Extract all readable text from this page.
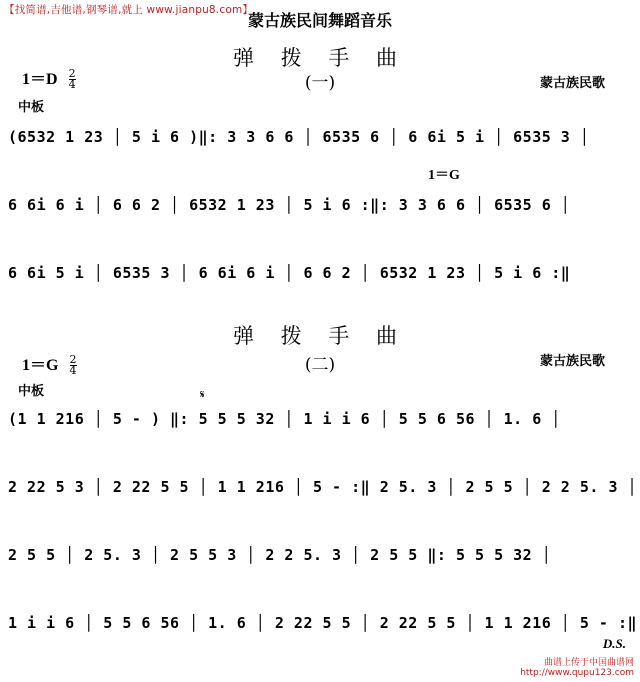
【找简谱,吉他谱,钢琴谱,就上 www.jianpu8.com】
蒙古族民间舞蹈音乐
弹 拨 手 曲
(一)
$1=D \frac{2}{4}$
中板
蒙古族民歌
(6532 1 23 │ 5 i 6 )‖: 3 3 6 6 │ 6535 6 │ 6 6i 5 i │ 6535 3 │
1＝G
6 6i 6 i │ 6 6 2 │ 6532 1 23 │ 5 i 6 :‖: 3 3 6 6 │ 6535 6 │
6 6i 5 i │ 6535 3 │ 6 6i 6 i │ 6 6 2 │ 6532 1 23 │ 5 i 6 :‖
弹 拨 手 曲
(二)
$1=G \frac{2}{4}$
中板
蒙古族民歌
𝄋
(1 1 216 │ 5 - ) ‖: 5 5 5 32 │ 1 i i 6 │ 5 5 6 56 │ 1. 6 │
2 22 5 3 │ 2 22 5 5 │ 1 1 216 │ 5 - :‖ 2 5. 3 │ 2 5 5 │ 2 2 5. 3 │
2 5 5 │ 2 5. 3 │ 2 5 5 3 │ 2 2 5. 3 │ 2 5 5 ‖: 5 5 5 32 │
1 i i 6 │ 5 5 6 56 │ 1. 6 │ 2 22 5 5 │ 2 22 5 5 │ 1 1 216 │ 5 - :‖
D.S.
曲谱上传于中国曲谱网
http://www.qupu123.com
